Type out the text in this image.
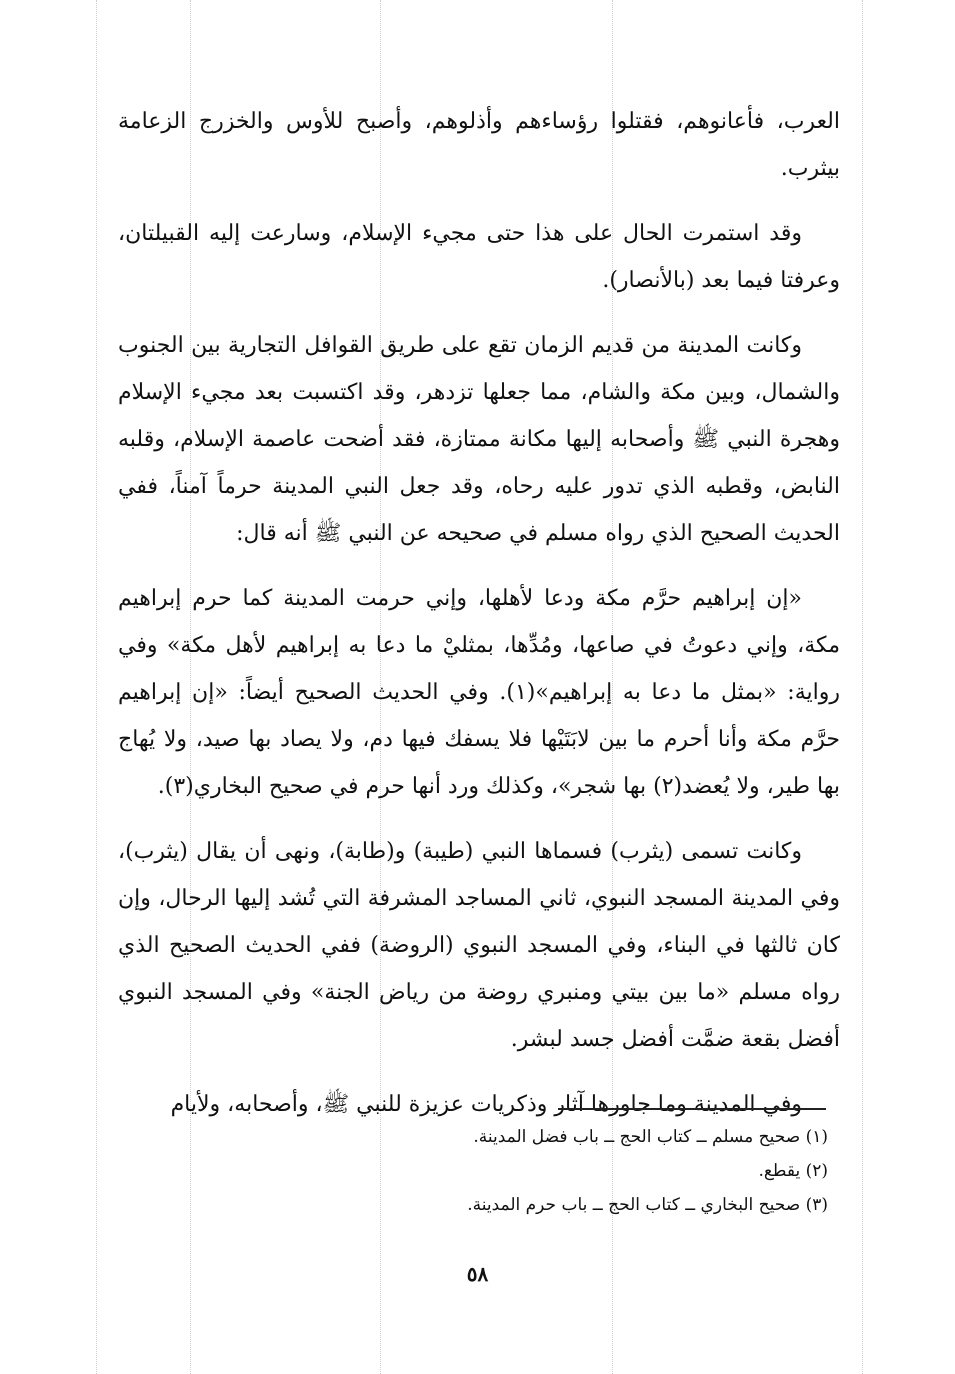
العرب، فأعانوهم، فقتلوا رؤساءهم وأذلوهم، وأصبح للأوس والخزرج الزعامة بيثرب.

وقد استمرت الحال على هذا حتى مجيء الإسلام، وسارعت إليه القبيلتان، وعرفتا فيما بعد (بالأنصار).

وكانت المدينة من قديم الزمان تقع على طريق القوافل التجارية بين الجنوب والشمال، وبين مكة والشام، مما جعلها تزدهر، وقد اكتسبت بعد مجيء الإسلام وهجرة النبي ﷺ وأصحابه إليها مكانة ممتازة، فقد أضحت عاصمة الإسلام، وقلبه النابض، وقطبه الذي تدور عليه رحاه، وقد جعل النبي المدينة حرماً آمناً، ففي الحديث الصحيح الذي رواه مسلم في صحيحه عن النبي ﷺ أنه قال:

«إن إبراهيم حرَّم مكة ودعا لأهلها، وإني حرمت المدينة كما حرم إبراهيم مكة، وإني دعوتُ في صاعها، ومُدِّها، بمثليْ ما دعا به إبراهيم لأهل مكة» وفي رواية: «بمثل ما دعا به إبراهيم»(١). وفي الحديث الصحيح أيضاً: «إن إبراهيم حرَّم مكة وأنا أحرم ما بين لابَتَيْها فلا يسفك فيها دم، ولا يصاد بها صيد، ولا يُهاج بها طير، ولا يُعضد(٢) بها شجر»، وكذلك ورد أنها حرم في صحيح البخاري(٣).

وكانت تسمى (يثرب) فسماها النبي (طيبة) و(طابة)، ونهى أن يقال (يثرب)، وفي المدينة المسجد النبوي، ثاني المساجد المشرفة التي تُشد إليها الرحال، وإن كان ثالثها في البناء، وفي المسجد النبوي (الروضة) ففي الحديث الصحيح الذي رواه مسلم «ما بين بيتي ومنبري روضة من رياض الجنة» وفي المسجد النبوي أفضل بقعة ضمَّت أفضل جسد لبشر.

وفي المدينة وما جاورها آثار وذكريات عزيزة للنبي ﷺ، وأصحابه، ولأيام

(١) صحيح مسلم ــ كتاب الحج ــ باب فضل المدينة.

(٢) يقطع.

(٣) صحيح البخاري ــ كتاب الحج ــ باب حرم المدينة.

٥٨
